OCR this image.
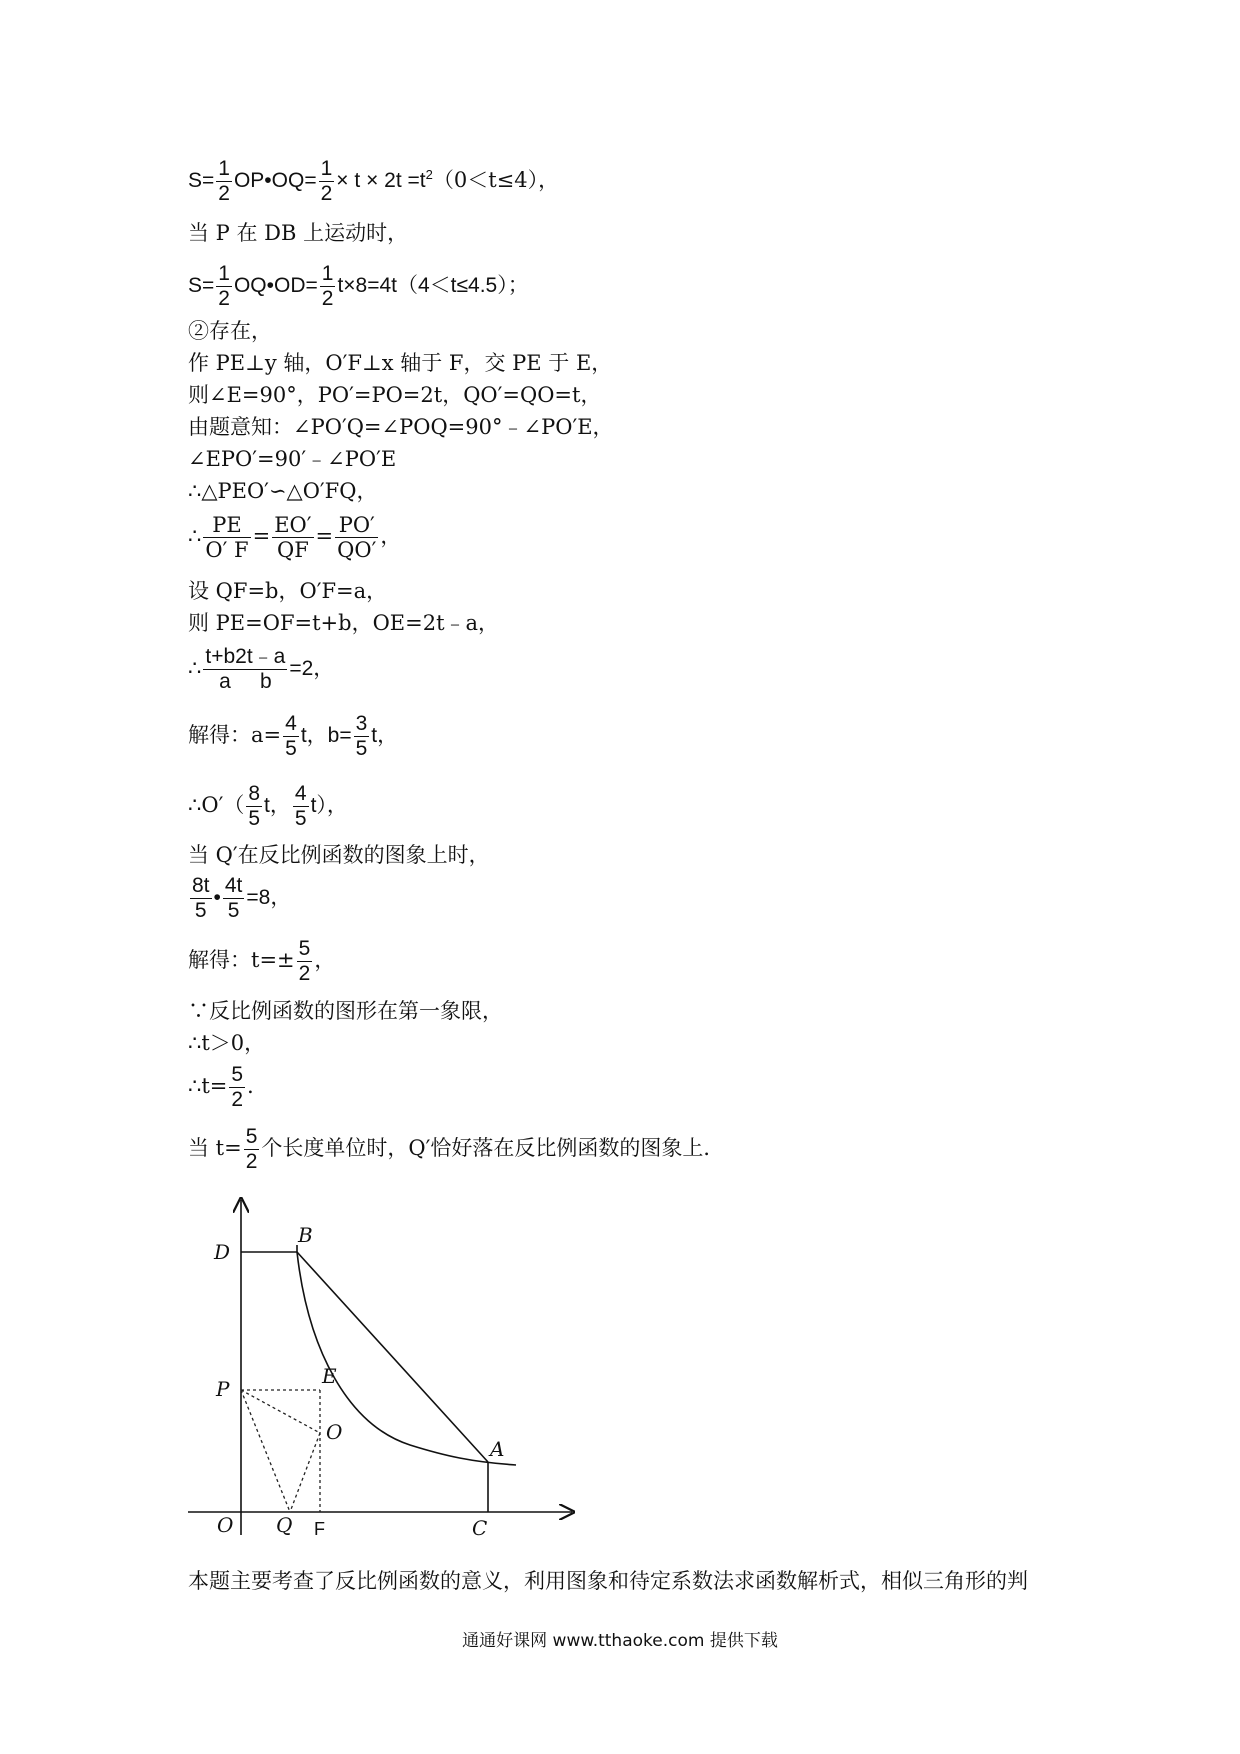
$S= \frac{1}{2}$ OP•OQ= $\frac{1}{2} \times t \times 2t =t^2(0<t\le 4)$，
当 P 在 DB 上运动时，
$S= \frac{1}{2}$ OQ•OD= $\frac{1}{2} t\times 8=4t(4<t\le 4.5)$；
②存在，
作 PE⊥y 轴，O′F⊥x 轴于 F，交 PE 于 E，
则∠E=90°，PO′=PO=2t，QO′=QO=t，
由题意知：∠PO′Q=∠POQ=90°﹣∠PO′E，
∠EPO′=90′﹣∠PO′E
∴△PEO′∽△O′FQ，
∴ $\frac{PE}{O' F} = \frac{EO'}{QF} = \frac{PO'}{QO'}$ ，
设 QF=b，O′F=a，
则 PE=OF=t+b，OE=2t﹣a，
∴ $\frac{t+b2t﹣a}{\text{a     b}} =2$，
解得：$a= \frac{4}{5}$ t，$b= \frac{3}{5}$ t，
∴O′（ $\frac{8}{5}$ t， $\frac{4}{5} t$），
当 Q′在反比例函数的图象上时，
$\frac{8t}{5}$ • $\frac{4t}{5} =8$，
解得：$t=\pm \frac{5}{2}$ ，
∵反比例函数的图形在第一象限，
∴t＞0，
∴t= $\frac{5}{2}$ ．
当 $t= \frac{5}{2}$ 个长度单位时，Q′恰好落在反比例函数的图象上．
D
B
E
P
O
A
O Q F	C
本题主要考查了反比例函数的意义，利用图象和待定系数法求函数解析式，相似三角形的判
通通好课网 www.tthaoke.com 提供下载
